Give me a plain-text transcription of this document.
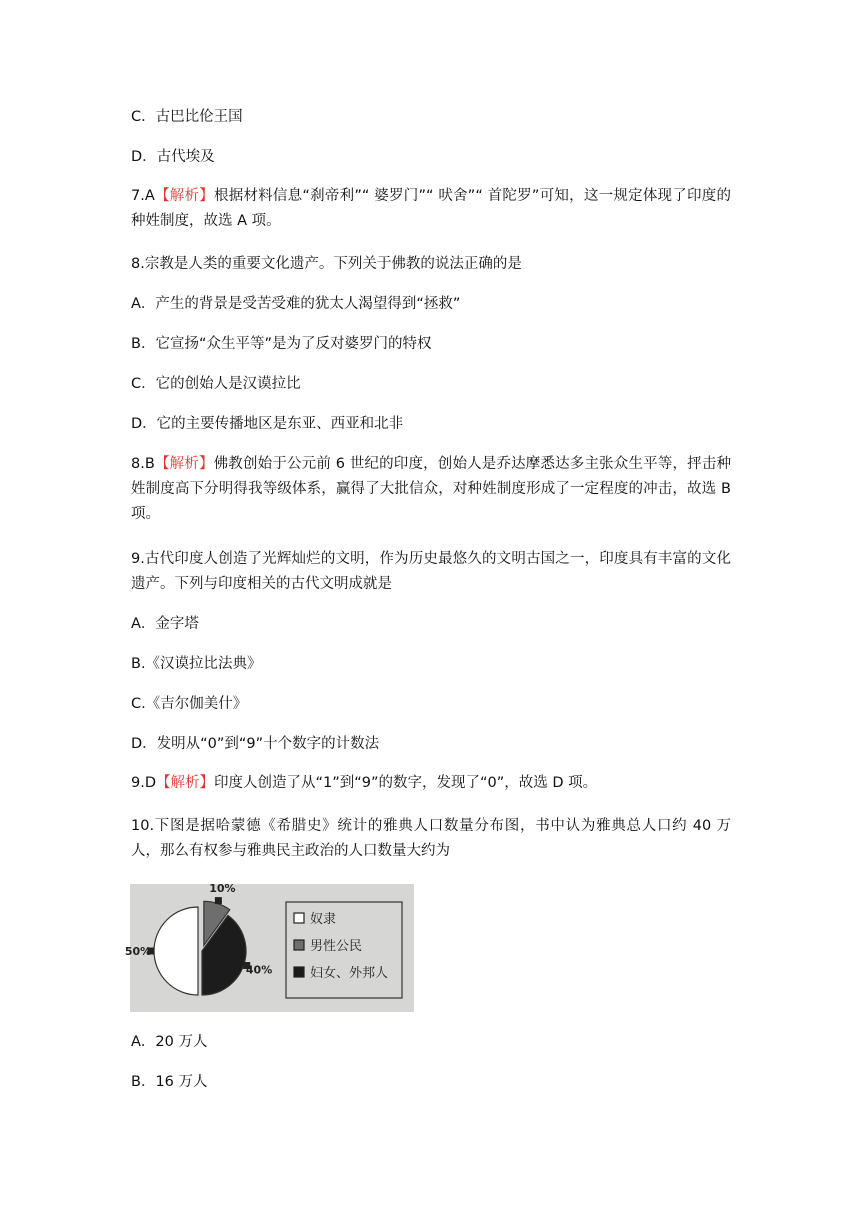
C．古巴比伦王国
D．古代埃及
7.A【解析】根据材料信息“刹帝利”“ 婆罗门”“ 吠舍”“ 首陀罗”可知，这一规定体现了印度的种姓制度，故选 A 项。
8.宗教是人类的重要文化遗产。下列关于佛教的说法正确的是
A．产生的背景是受苦受难的犹太人渴望得到“拯救”
B．它宣扬“众生平等”是为了反对婆罗门的特权
C．它的创始人是汉谟拉比
D．它的主要传播地区是东亚、西亚和北非
8.B【解析】佛教创始于公元前 6 世纪的印度，创始人是乔达摩悉达多主张众生平等，抨击种姓制度高下分明得我等级体系，赢得了大批信众，对种姓制度形成了一定程度的冲击，故选 B 项。
9.古代印度人创造了光辉灿烂的文明，作为历史最悠久的文明古国之一，印度具有丰富的文化遗产。下列与印度相关的古代文明成就是
A．金字塔
B.《汉谟拉比法典》
C.《吉尔伽美什》
D．发明从“0”到“9”十个数字的计数法
9.D【解析】印度人创造了从“1”到“9”的数字，发现了“0”，故选 D 项。
10.下图是据哈蒙德《希腊史》统计的雅典人口数量分布图，书中认为雅典总人口约 40 万人，那么有权参与雅典民主政治的人口数量大约为
50%
10%
40%
奴隶
男性公民
妇女、外邦人
A．20 万人
B．16 万人
